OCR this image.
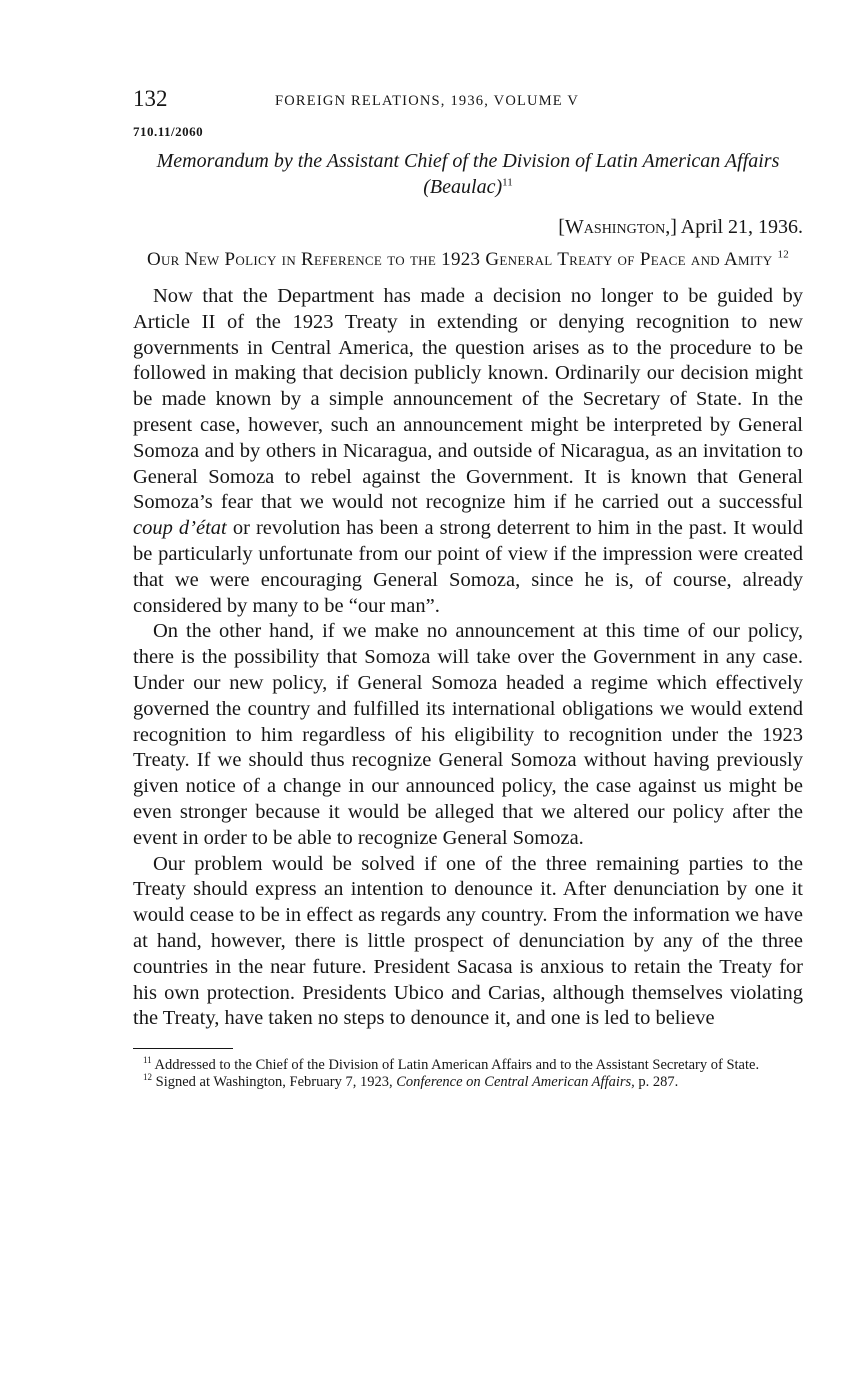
132	FOREIGN RELATIONS, 1936, VOLUME V
710.11/2060
Memorandum by the Assistant Chief of the Division of Latin American Affairs (Beaulac)$^{11}$
[Washington,] April 21, 1936.
Our New Policy in Reference to the 1923 General Treaty of Peace and Amity $^{12}$

Now that the Department has made a decision no longer to be guided by Article II of the 1923 Treaty in extending or denying recognition to new governments in Central America, the question arises as to the procedure to be followed in making that decision publicly known. Ordinarily our decision might be made known by a simple announcement of the Secretary of State. In the present case, however, such an announcement might be interpreted by General Somoza and by others in Nicaragua, and outside of Nicaragua, as an invitation to General Somoza to rebel against the Government. It is known that General Somoza’s fear that we would not recognize him if he carried out a successful coup d’état or revolution has been a strong deterrent to him in the past. It would be particularly unfortunate from our point of view if the impression were created that we were encouraging General Somoza, since he is, of course, already considered by many to be “our man”.

On the other hand, if we make no announcement at this time of our policy, there is the possibility that Somoza will take over the Government in any case. Under our new policy, if General Somoza headed a regime which effectively governed the country and fulfilled its international obligations we would extend recognition to him regardless of his eligibility to recognition under the 1923 Treaty. If we should thus recognize General Somoza without having previously given notice of a change in our announced policy, the case against us might be even stronger because it would be alleged that we altered our policy after the event in order to be able to recognize General Somoza.

Our problem would be solved if one of the three remaining parties to the Treaty should express an intention to denounce it. After denunciation by one it would cease to be in effect as regards any country. From the information we have at hand, however, there is little prospect of denunciation by any of the three countries in the near future. President Sacasa is anxious to retain the Treaty for his own protection. Presidents Ubico and Carias, although themselves violating the Treaty, have taken no steps to denounce it, and one is led to believe

$^{11}$ Addressed to the Chief of the Division of Latin American Affairs and to the Assistant Secretary of State.

$^{12}$ Signed at Washington, February 7, 1923, Conference on Central American Affairs, p. 287.
